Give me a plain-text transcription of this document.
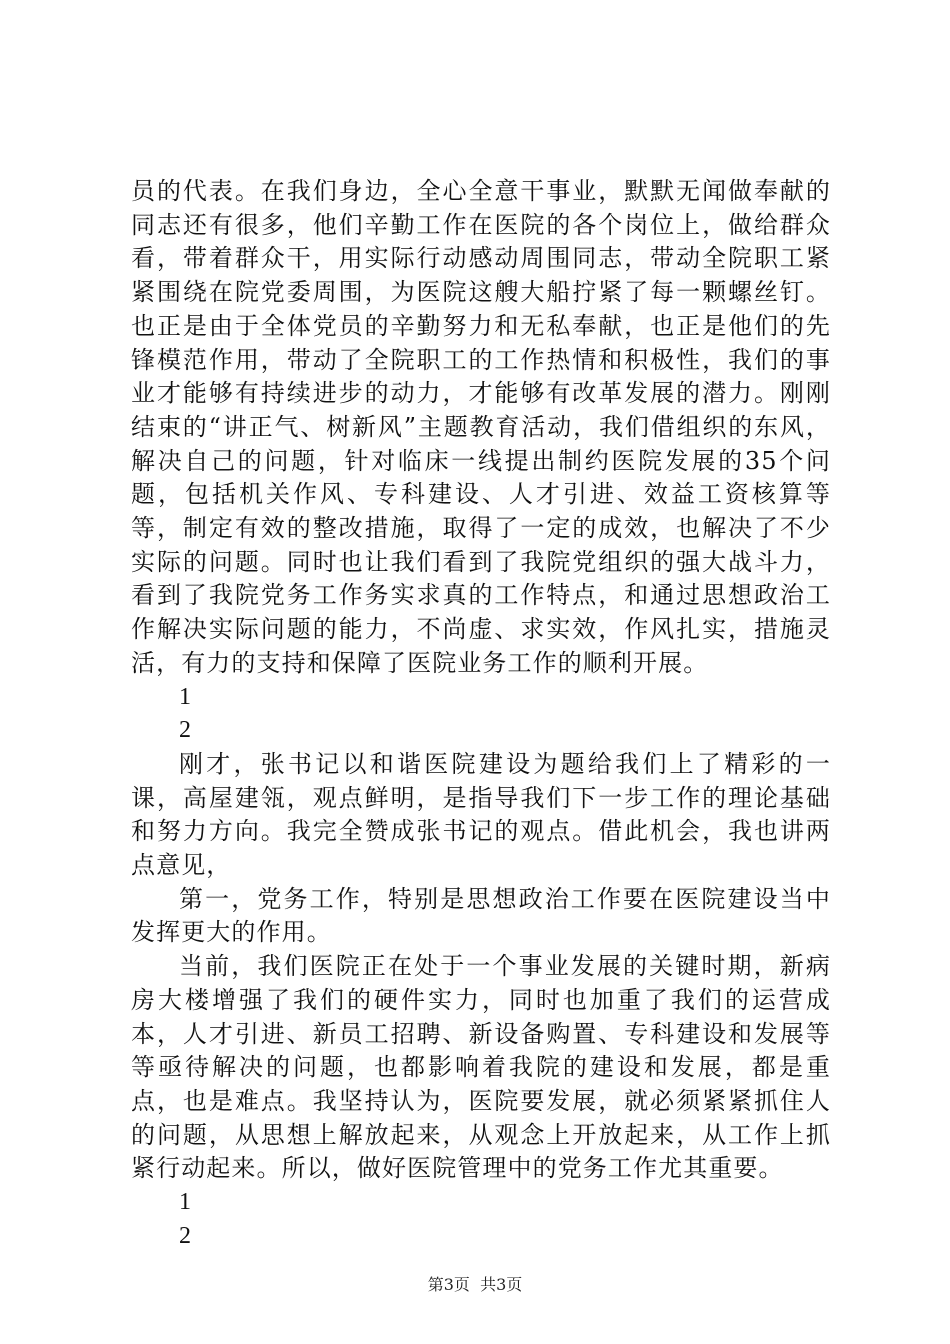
员的代表。在我们身边，全心全意干事业，默默无闻做奉献的同志还有很多，他们辛勤工作在医院的各个岗位上，做给群众看，带着群众干，用实际行动感动周围同志，带动全院职工紧紧围绕在院党委周围，为医院这艘大船拧紧了每一颗螺丝钉。也正是由于全体党员的辛勤努力和无私奉献，也正是他们的先锋模范作用，带动了全院职工的工作热情和积极性，我们的事业才能够有持续进步的动力，才能够有改革发展的潜力。刚刚结束的“讲正气、树新风”主题教育活动，我们借组织的东风，解决自己的问题，针对临床一线提出制约医院发展的35个问题，包括机关作风、专科建设、人才引进、效益工资核算等等，制定有效的整改措施，取得了一定的成效，也解决了不少实际的问题。同时也让我们看到了我院党组织的强大战斗力，看到了我院党务工作务实求真的工作特点，和通过思想政治工作解决实际问题的能力，不尚虚、求实效，作风扎实，措施灵活，有力的支持和保障了医院业务工作的顺利开展。

1

2

刚才，张书记以和谐医院建设为题给我们上了精彩的一课，高屋建瓴，观点鲜明，是指导我们下一步工作的理论基础和努力方向。我完全赞成张书记的观点。借此机会，我也讲两点意见，

第一，党务工作，特别是思想政治工作要在医院建设当中发挥更大的作用。

当前，我们医院正在处于一个事业发展的关键时期，新病房大楼增强了我们的硬件实力，同时也加重了我们的运营成本，人才引进、新员工招聘、新设备购置、专科建设和发展等等亟待解决的问题，也都影响着我院的建设和发展，都是重点，也是难点。我坚持认为，医院要发展，就必须紧紧抓住人的问题，从思想上解放起来，从观念上开放起来，从工作上抓紧行动起来。所以，做好医院管理中的党务工作尤其重要。

1

2

第3页  共3页
